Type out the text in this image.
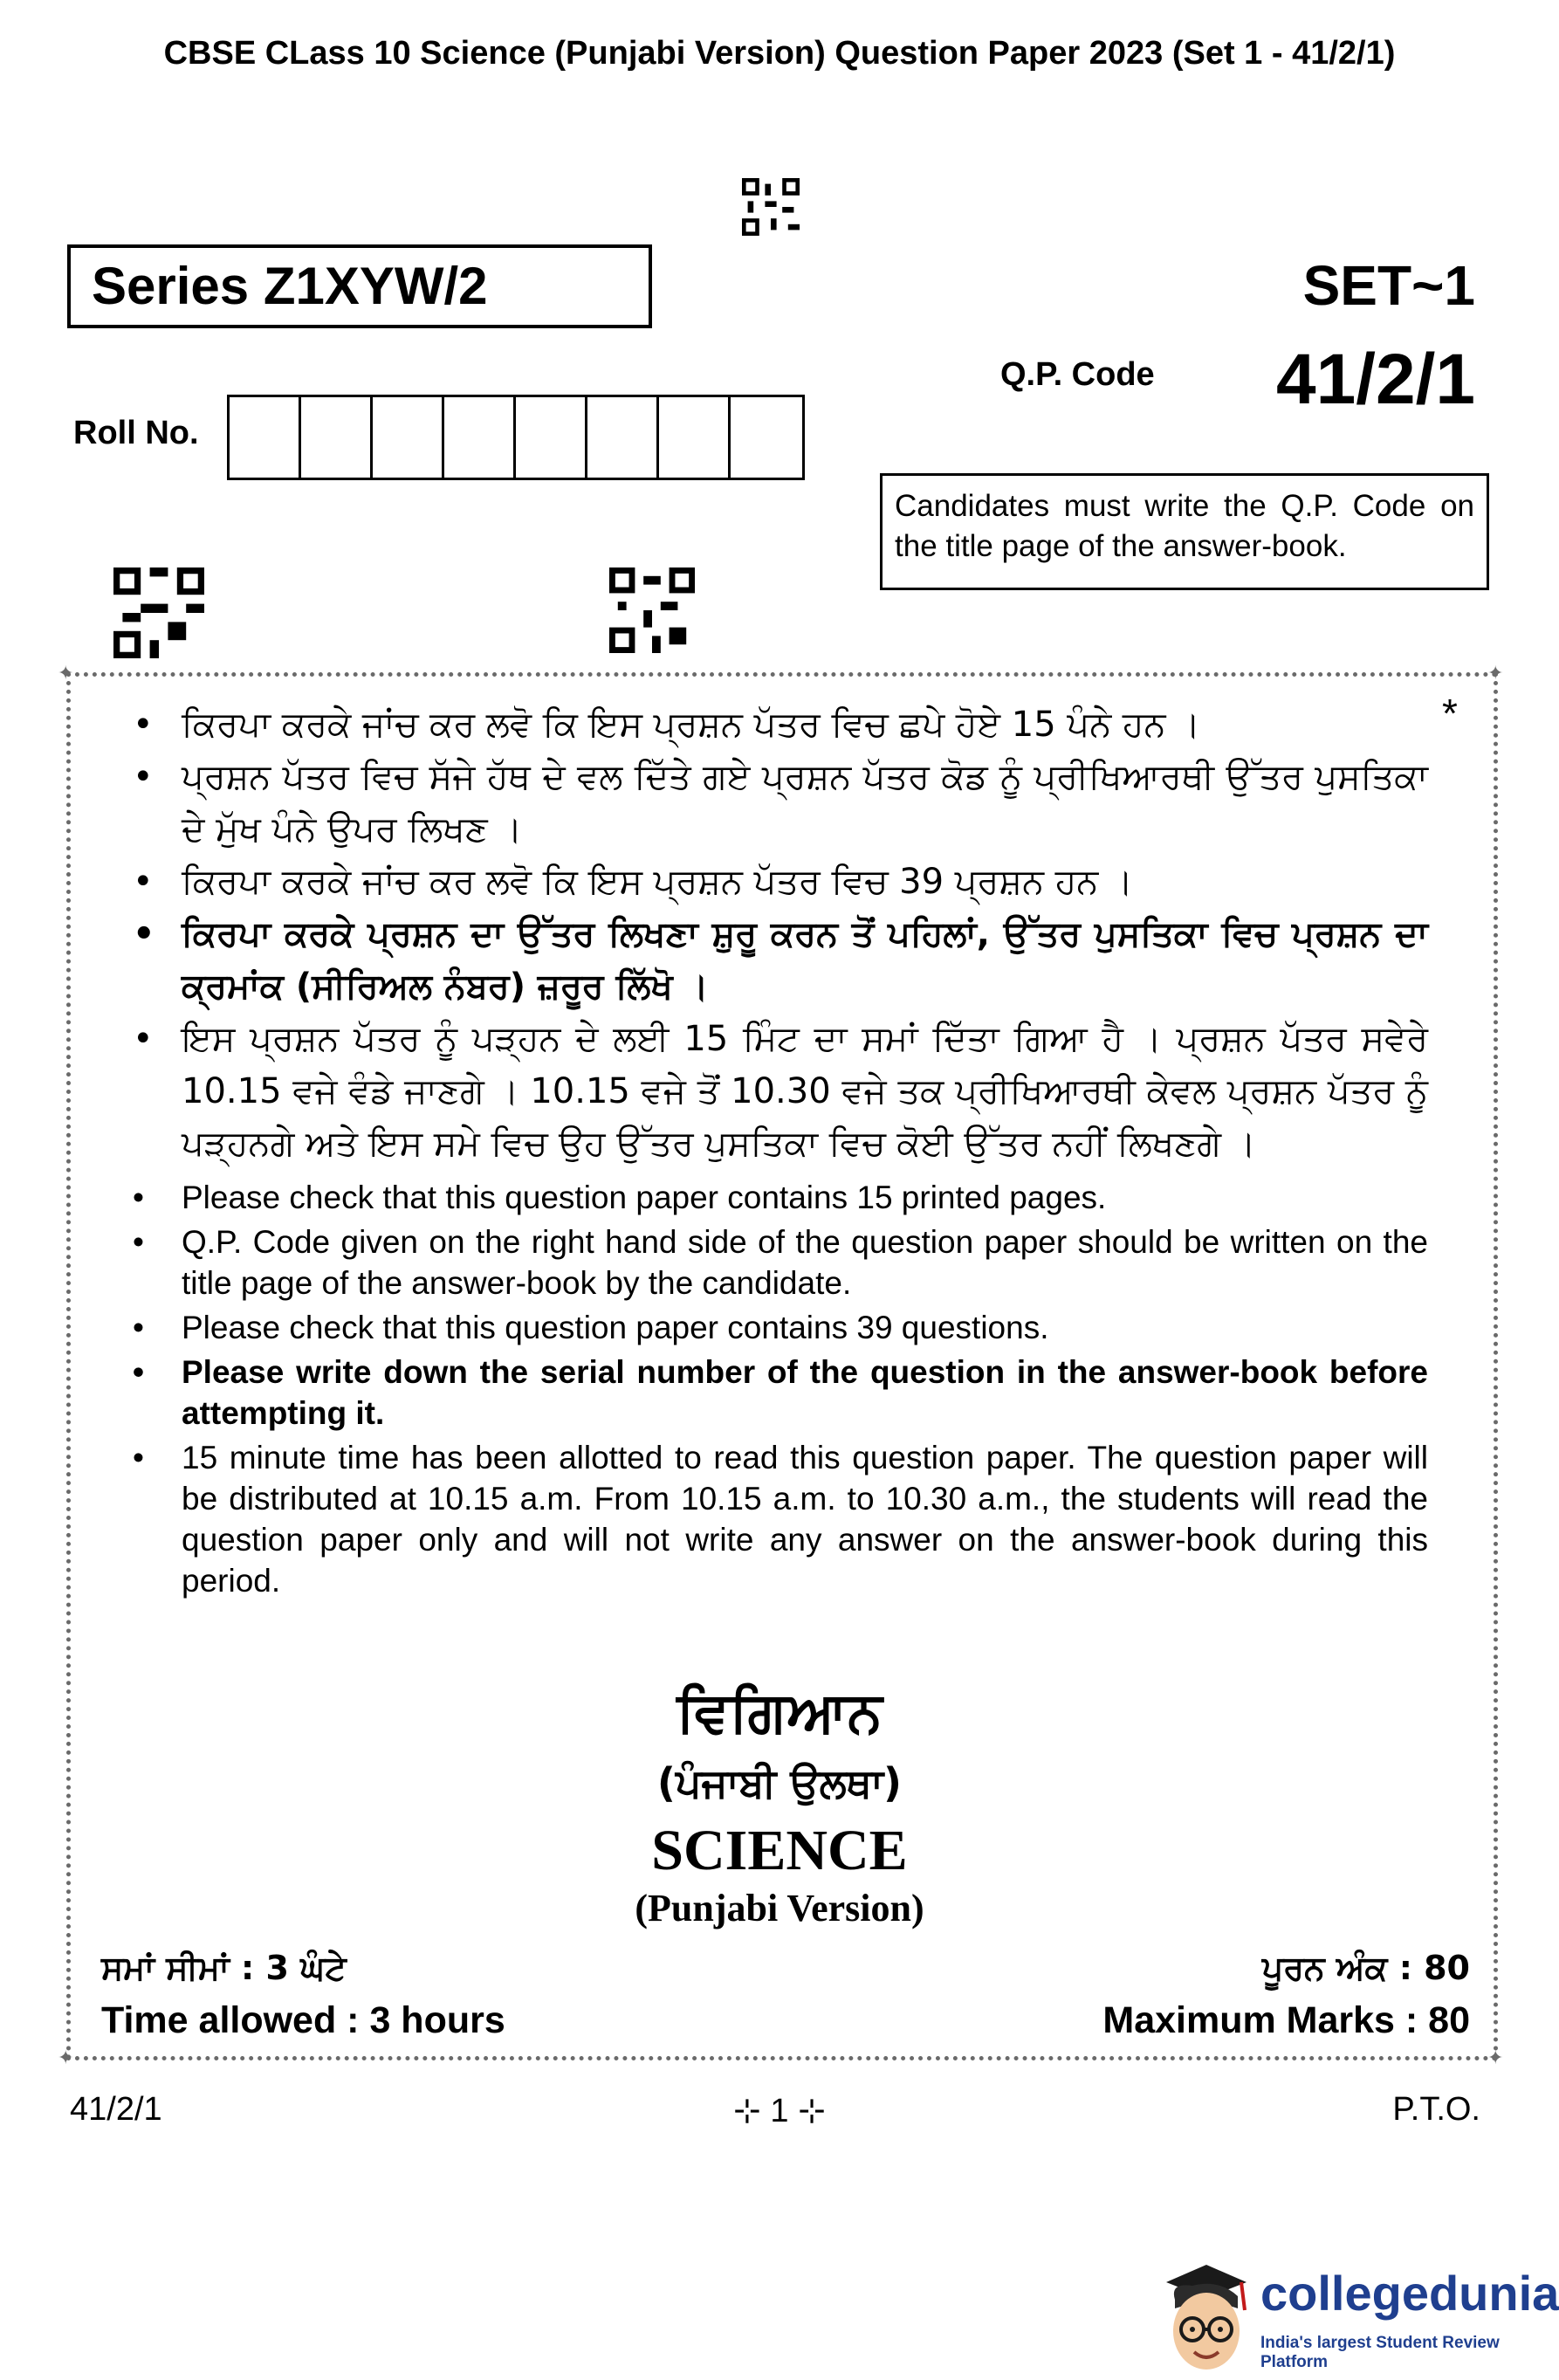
CBSE CLass 10 Science (Punjabi Version) Question Paper 2023 (Set 1 - 41/2/1)
Series Z1XYW/2	SET~1
Q.P. Code 41/2/1
Roll No.
Candidates must write the Q.P. Code on the title page of the answer-book.
✦	✦
✦	✦
*
• ਕਿਰਪਾ ਕਰਕੇ ਜਾਂਚ ਕਰ ਲਵੋ ਕਿ ਇਸ ਪ੍ਰਸ਼ਨ ਪੱਤਰ ਵਿਚ ਛਪੇ ਹੋਏ 15 ਪੰਨੇ ਹਨ ।
• ਪ੍ਰਸ਼ਨ ਪੱਤਰ ਵਿਚ ਸੱਜੇ ਹੱਥ ਦੇ ਵਲ ਦਿੱਤੇ ਗਏ ਪ੍ਰਸ਼ਨ ਪੱਤਰ ਕੋਡ ਨੂੰ ਪ੍ਰੀਖਿਆਰਥੀ ਉੱਤਰ ਪੁਸਤਿਕਾ ਦੇ ਮੁੱਖ ਪੰਨੇ ਉਪਰ ਲਿਖਣ ।
• ਕਿਰਪਾ ਕਰਕੇ ਜਾਂਚ ਕਰ ਲਵੋ ਕਿ ਇਸ ਪ੍ਰਸ਼ਨ ਪੱਤਰ ਵਿਚ 39 ਪ੍ਰਸ਼ਨ ਹਨ ।
• ਕਿਰਪਾ ਕਰਕੇ ਪ੍ਰਸ਼ਨ ਦਾ ਉੱਤਰ ਲਿਖਣਾ ਸ਼ੁਰੂ ਕਰਨ ਤੋਂ ਪਹਿਲਾਂ, ਉੱਤਰ ਪੁਸਤਿਕਾ ਵਿਚ ਪ੍ਰਸ਼ਨ ਦਾ ਕ੍ਰਮਾਂਕ (ਸੀਰਿਅਲ ਨੰਬਰ) ਜ਼ਰੂਰ ਲਿੱਖੋ ।
• ਇਸ ਪ੍ਰਸ਼ਨ ਪੱਤਰ ਨੂੰ ਪੜ੍ਹਨ ਦੇ ਲਈ 15 ਮਿੰਟ ਦਾ ਸਮਾਂ ਦਿੱਤਾ ਗਿਆ ਹੈ । ਪ੍ਰਸ਼ਨ ਪੱਤਰ ਸਵੇਰੇ 10.15 ਵਜੇ ਵੰਡੇ ਜਾਣਗੇ । 10.15 ਵਜੇ ਤੋਂ 10.30 ਵਜੇ ਤਕ ਪ੍ਰੀਖਿਆਰਥੀ ਕੇਵਲ ਪ੍ਰਸ਼ਨ ਪੱਤਰ ਨੂੰ ਪੜ੍ਹਨਗੇ ਅਤੇ ਇਸ ਸਮੇ ਵਿਚ ਉਹ ਉੱਤਰ ਪੁਸਤਿਕਾ ਵਿਚ ਕੋਈ ਉੱਤਰ ਨਹੀਂ ਲਿਖਣਗੇ ।
• Please check that this question paper contains 15 printed pages.
• Q.P. Code given on the right hand side of the question paper should be written on the title page of the answer-book by the candidate.
• Please check that this question paper contains 39 questions.
• Please write down the serial number of the question in the answer-book before attempting it.
• 15 minute time has been allotted to read this question paper. The question paper will be distributed at 10.15 a.m. From 10.15 a.m. to 10.30 a.m., the students will read the question paper only and will not write any answer on the answer-book during this period.
ਵਿਗਿਆਨ
(ਪੰਜਾਬੀ ਉਲਥਾ)
SCIENCE
(Punjabi Version)
ਸਮਾਂ ਸੀਮਾਂ : 3 ਘੰਟੇ	ਪੂਰਨ ਅੰਕ : 80
Time allowed : 3 hours	Maximum Marks : 80
41/2/1	⊹ 1 ⊹	P.T.O.
collegedunia
India's largest Student Review Platform
